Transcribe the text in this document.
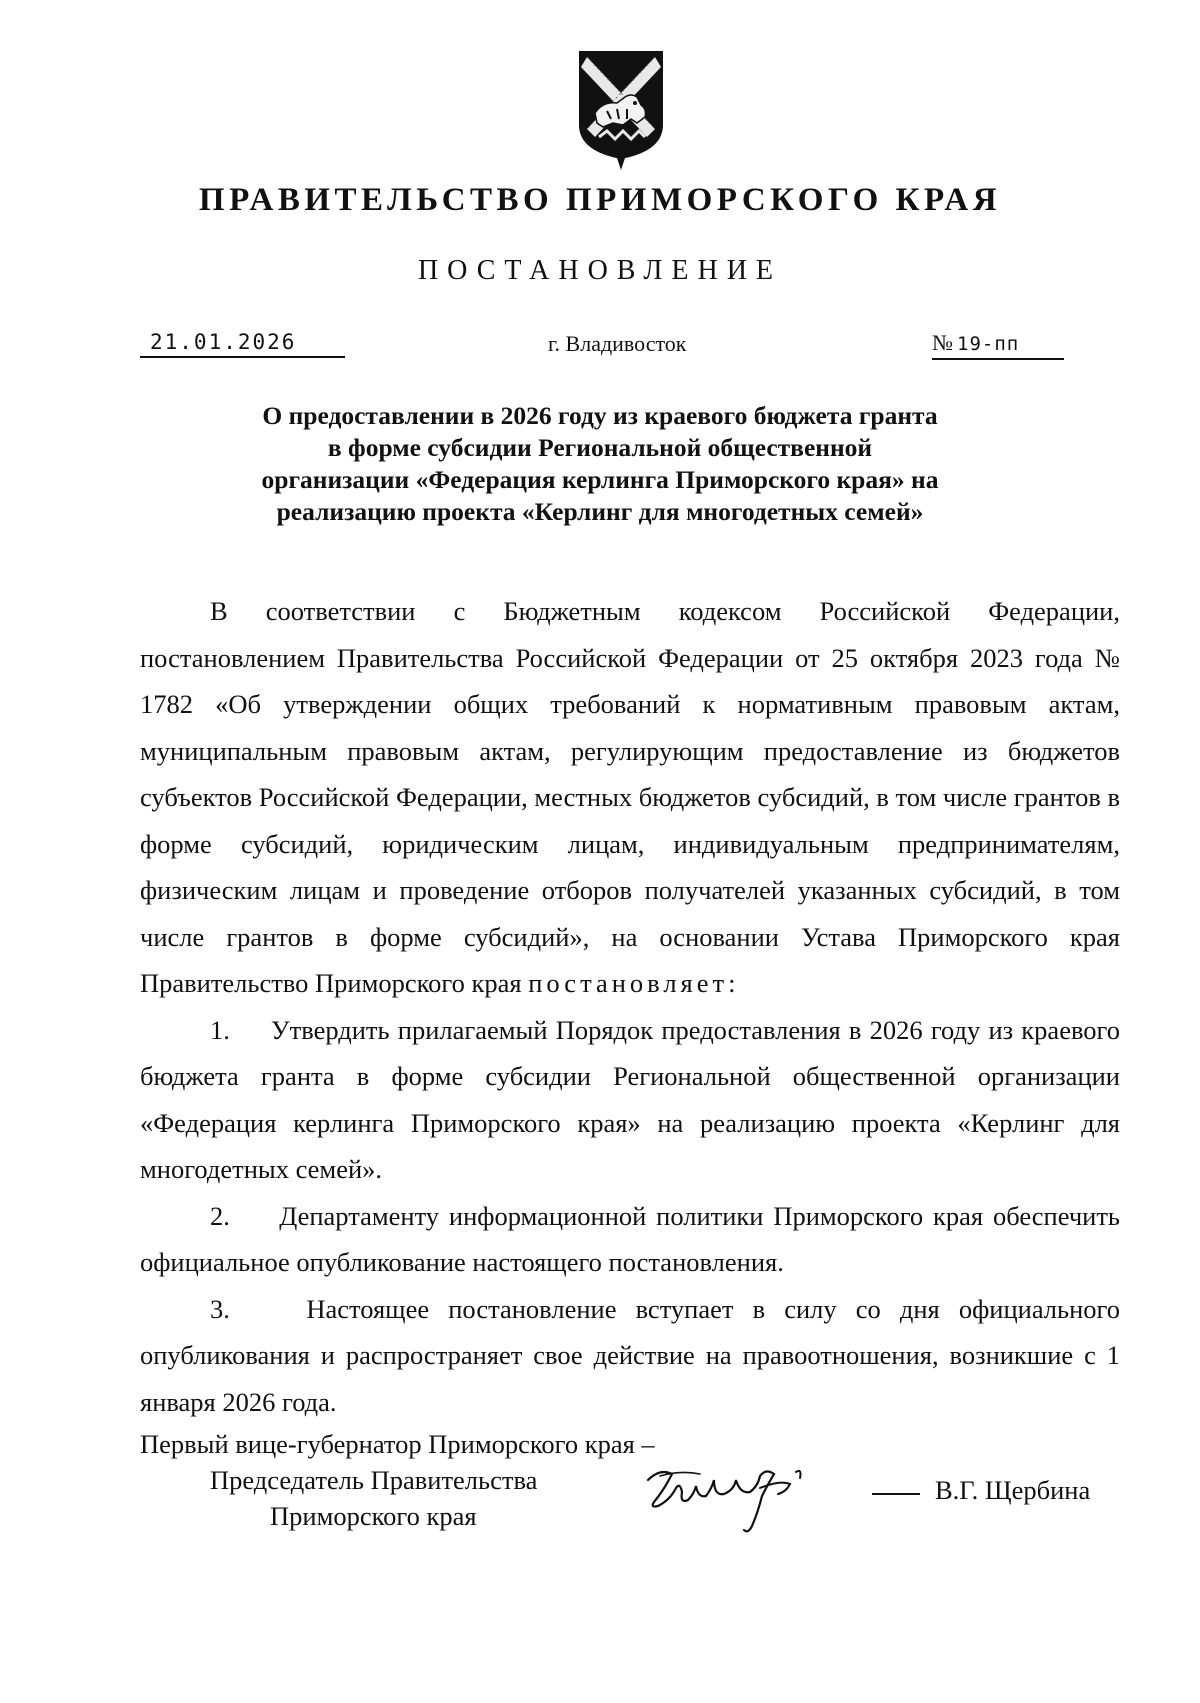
ПРАВИТЕЛЬСТВО ПРИМОРСКОГО КРАЯ
ПОСТАНОВЛЕНИЕ
21.01.2026	г. Владивосток	№ 19-пп
О предоставлении в 2026 году из краевого бюджета гранта
в форме субсидии Региональной общественной
организации «Федерация керлинга Приморского края» на
реализацию проекта «Керлинг для многодетных семей»

В соответствии с Бюджетным кодексом Российской Федерации, постановлением Правительства Российской Федерации от 25 октября 2023 года № 1782 «Об утверждении общих требований к нормативным правовым актам, муниципальным правовым актам, регулирующим предоставление из бюджетов субъектов Российской Федерации, местных бюджетов субсидий, в том числе грантов в форме субсидий, юридическим лицам, индивидуальным предпринимателям, физическим лицам и проведение отборов получателей указанных субсидий, в том числе грантов в форме субсидий», на основании Устава Приморского края Правительство Приморского края постановляет:

1. Утвердить прилагаемый Порядок предоставления в 2026 году из краевого бюджета гранта в форме субсидии Региональной общественной организации «Федерация керлинга Приморского края» на реализацию проекта «Керлинг для многодетных семей».

2. Департаменту информационной политики Приморского края обеспечить официальное опубликование настоящего постановления.

3.	Настоящее постановление вступает в силу со дня официального опубликования и распространяет свое действие на правоотношения, возникшие с 1 января 2026 года.

Первый вице-губернатор Приморского края –
Председатель Правительства
Приморского края
В.Г. Щербина
